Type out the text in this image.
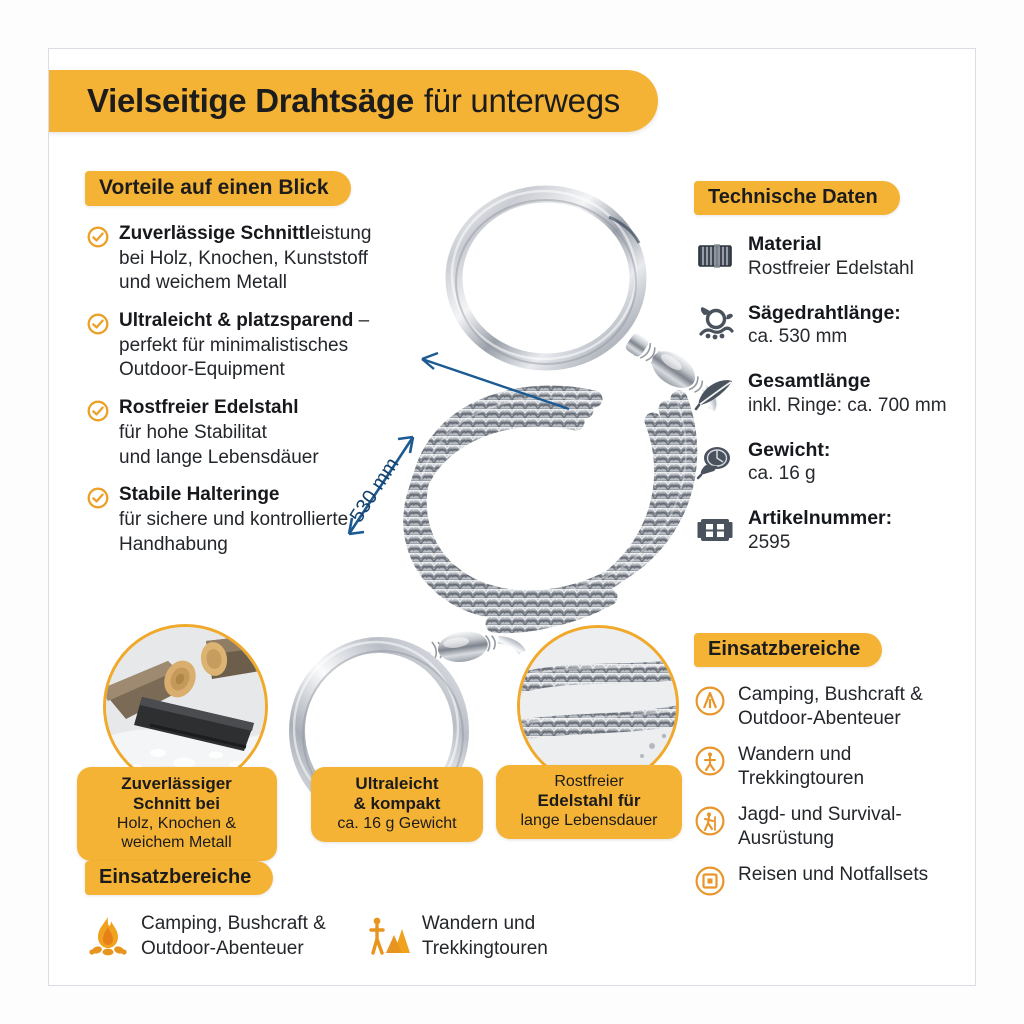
Vielseitige Drahtsäge für unterwegs
Vorteile auf einen Blick
Zuverlässige Schnittleistung
bei Holz, Knochen, Kunststoff
und weichem Metall
Ultraleicht & platzsparend –
perfekt für minimalistisches
Outdoor-Equipment
Rostfreier Edelstahl
für hohe Stabilitat
und lange Lebensdäuer
Stabile Halteringe
für sichere und kontrollierte
Handhabung
530 mm
Technische Daten
Material
Rostfreier Edelstahl
Sägedrahtlänge:
ca. 530 mm
Gesamtlänge
inkl. Ringe: ca. 700 mm
Gewicht:
ca. 16 g
Artikelnummer:
2595
Einsatzbereiche
Camping, Bushcraft &
Outdoor-Abenteuer
Wandern und
Trekkingtouren
Jagd- und Survival-
Ausrüstung
Reisen und Notfallsets
Zuverlässiger
Schnitt bei
Holz, Knochen &
weichem Metall
Ultraleicht
& kompakt
ca. 16 g Gewicht
Rostfreier
Edelstahl für
lange Lebensdauer
Einsatzbereiche
Camping, Bushcraft &
Outdoor-Abenteuer
Wandern und
Trekkingtouren
